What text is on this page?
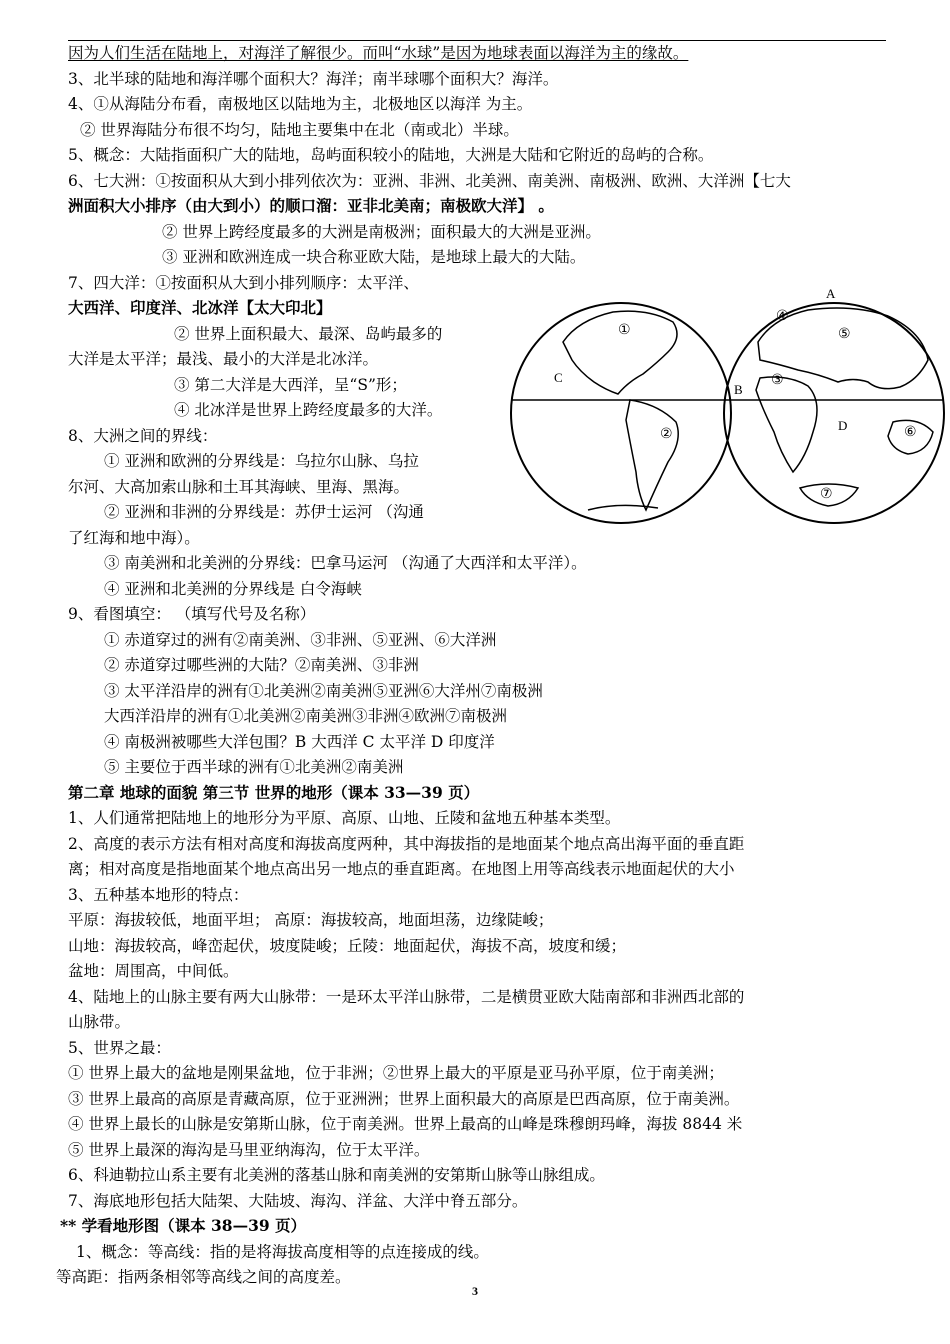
因为人们生活在陆地上，对海洋了解很少。而叫“水球”是因为地球表面以海洋为主的缘故。
3、北半球的陆地和海洋哪个面积大？海洋；南半球哪个面积大？海洋。
4、①从海陆分布看，南极地区以陆地为主，北极地区以海洋 为主。
② 世界海陆分布很不均匀，陆地主要集中在北（南或北）半球。
5、概念：大陆指面积广大的陆地，岛屿面积较小的陆地，大洲是大陆和它附近的岛屿的合称。
6、七大洲：①按面积从大到小排列依次为：亚洲、非洲、北美洲、南美洲、南极洲、欧洲、大洋洲【七大
洲面积大小排序（由大到小）的顺口溜：亚非北美南；南极欧大洋】 。
② 世界上跨经度最多的大洲是南极洲；面积最大的大洲是亚洲。
③ 亚洲和欧洲连成一块合称亚欧大陆，是地球上最大的大陆。
7、四大洋：①按面积从大到小排列顺序：太平洋、
大西洋、印度洋、北冰洋【太大印北】
② 世界上面积最大、最深、岛屿最多的
大洋是太平洋；最浅、最小的大洋是北冰洋。
③ 第二大洋是大西洋，呈“S”形；
④ 北冰洋是世界上跨经度最多的大洋。
8、大洲之间的界线：
① 亚洲和欧洲的分界线是：乌拉尔山脉、乌拉
尔河、大高加索山脉和土耳其海峡、里海、黑海。
② 亚洲和非洲的分界线是：苏伊士运河 （沟通
了红海和地中海）。
③ 南美洲和北美洲的分界线：巴拿马运河 （沟通了大西洋和太平洋）。
④ 亚洲和北美洲的分界线是 白令海峡
9、看图填空： （填写代号及名称）
① 赤道穿过的洲有②南美洲、③非洲、⑤亚洲、⑥大洋洲
② 赤道穿过哪些洲的大陆？②南美洲、③非洲
③ 太平洋沿岸的洲有①北美洲②南美洲⑤亚洲⑥大洋州⑦南极洲
大西洋沿岸的洲有①北美洲②南美洲③非洲④欧洲⑦南极洲
④ 南极洲被哪些大洋包围？B 大西洋 C 太平洋 D 印度洋
⑤ 主要位于西半球的洲有①北美洲②南美洲
第二章 地球的面貌 第三节 世界的地形（课本 33—39 页）
1、人们通常把陆地上的地形分为平原、高原、山地、丘陵和盆地五种基本类型。
2、高度的表示方法有相对高度和海拔高度两种，其中海拔指的是地面某个地点高出海平面的垂直距
离；相对高度是指地面某个地点高出另一地点的垂直距离。在地图上用等高线表示地面起伏的大小
3、五种基本地形的特点：
平原：海拔较低，地面平坦； 高原：海拔较高，地面坦荡，边缘陡峻；
山地：海拔较高，峰峦起伏，坡度陡峻；丘陵：地面起伏，海拔不高，坡度和缓；
盆地：周围高，中间低。
4、陆地上的山脉主要有两大山脉带：一是环太平洋山脉带，二是横贯亚欧大陆南部和非洲西北部的
山脉带。
5、世界之最：
① 世界上最大的盆地是刚果盆地，位于非洲；②世界上最大的平原是亚马孙平原，位于南美洲；
③ 世界上最高的高原是青藏高原，位于亚洲洲；世界上面积最大的高原是巴西高原，位于南美洲。
④ 世界上最长的山脉是安第斯山脉，位于南美洲。世界上最高的山峰是珠穆朗玛峰，海拔 8844 米
⑤ 世界上最深的海沟是马里亚纳海沟，位于太平洋。
6、科迪勒拉山系主要有北美洲的落基山脉和南美洲的安第斯山脉等山脉组成。
7、海底地形包括大陆架、大陆坡、海沟、洋盆、大洋中脊五部分。
** 学看地形图（课本 38—39 页）
1、概念：等高线：指的是将海拔高度相等的点连接成的线。
等高距：指两条相邻等高线之间的高度差。
A
B
C
D
①
②
③
④
⑤
⑥
⑦
3
